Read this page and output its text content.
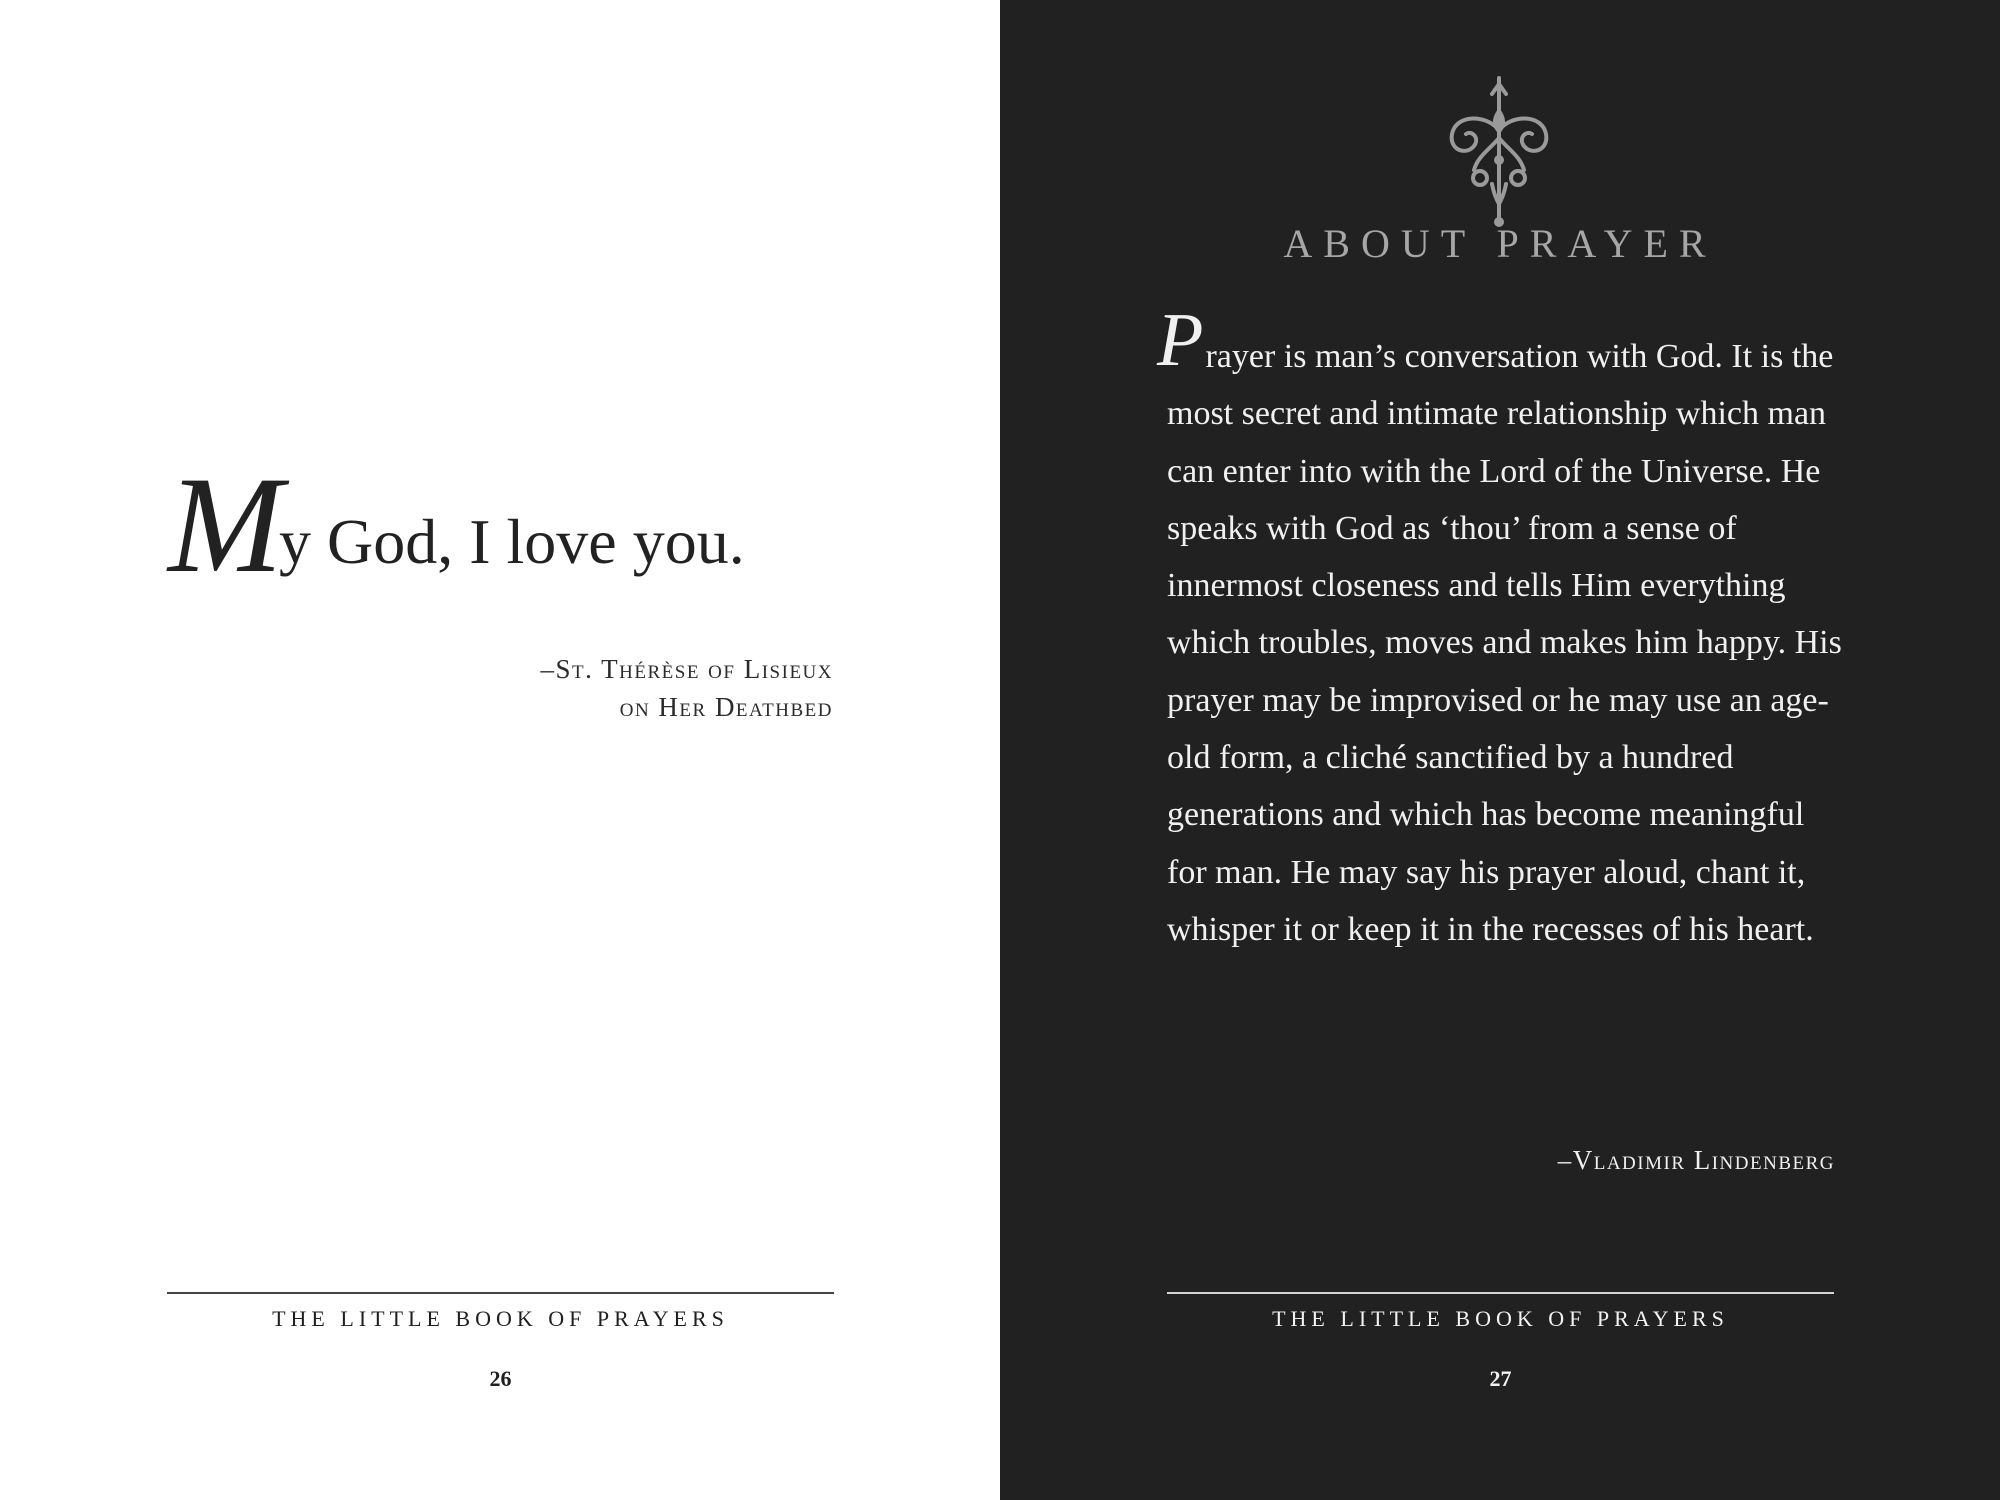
My God, I love you.
–St. Thérèse of Lisieux
on Her Deathbed
THE LITTLE BOOK OF PRAYERS
26
ABOUT PRAYER

Prayer is man’s conversation with God. It is the most secret and intimate relationship which man can enter into with the Lord of the Universe. He speaks with God as ‘thou’ from a sense of innermost closeness and tells Him everything which troubles, moves and makes him happy. His prayer may be improvised or he may use an age-old form, a cliché sanctified by a hundred generations and which has become meaningful for man. He may say his prayer aloud, chant it, whisper it or keep it in the recesses of his heart.

–Vladimir Lindenberg
THE LITTLE BOOK OF PRAYERS
27
